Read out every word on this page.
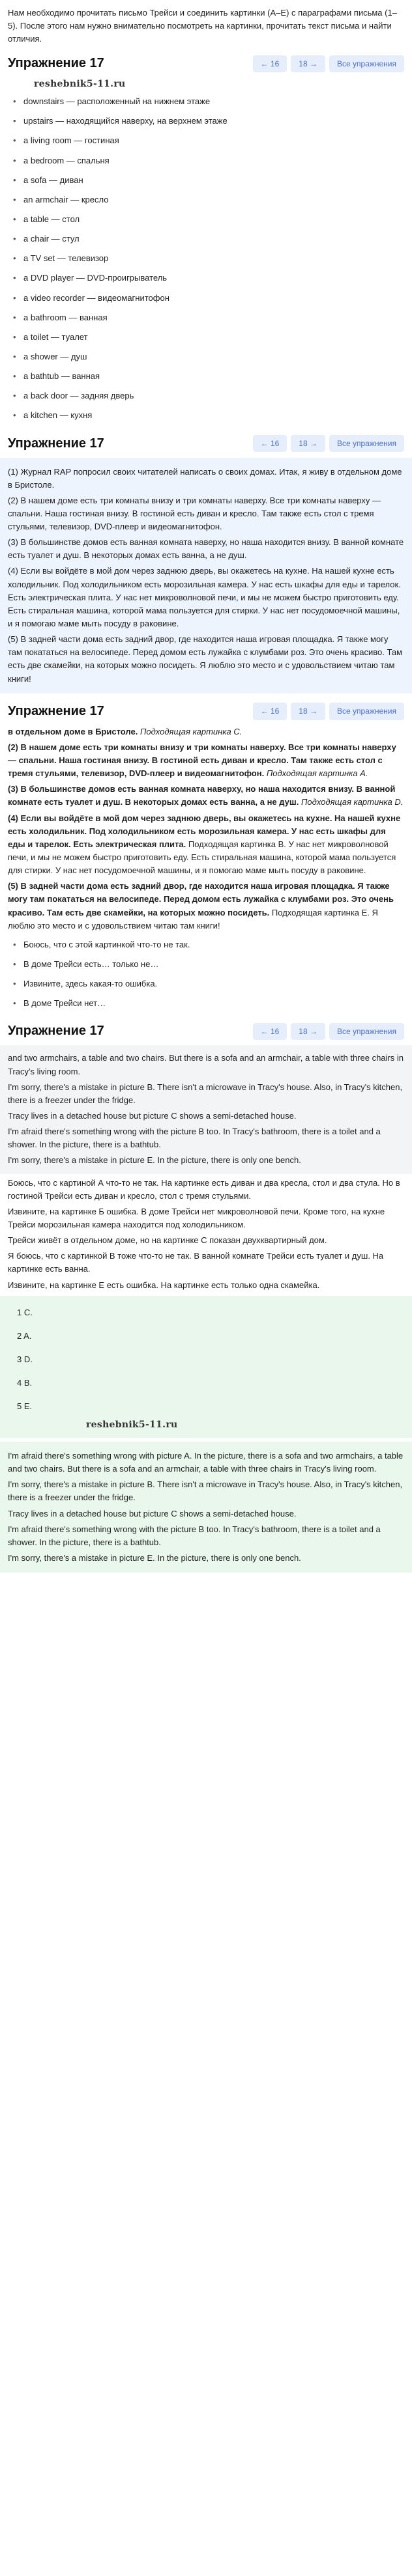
Нам необходимо прочитать письмо Трейси и соединить картинки (A–E) с параграфами письма (1–5). После этого нам нужно внимательно посмотреть на картинки, прочитать текст письма и найти отличия.

Упражнение 17	← 16	18 →	Все упражнения
reshebnik5-11.ru
• downstairs — расположенный на нижнем этаже
• upstairs — находящийся наверху, на верхнем этаже
• a living room — гостиная
• a bedroom — спальня
• a sofa — диван
• an armchair — кресло
• a table — стол
• a chair — стул
• a TV set — телевизор
• a DVD player — DVD-проигрыватель
• a video recorder — видеомагнитофон
• a bathroom — ванная
• a toilet — туалет
• a shower — душ
• a bathtub — ванная
• a back door — задняя дверь
• a kitchen — кухня
Упражнение 17	← 16	18 →	Все упражнения

(1) Журнал RAP попросил своих читателей написать о своих домах. Итак, я живу в отдельном доме в Бристоле.

(2) В нашем доме есть три комнаты внизу и три комнаты наверху. Все три комнаты наверху — спальни. Наша гостиная внизу. В гостиной есть диван и кресло. Там также есть стол с тремя стульями, телевизор, DVD-плеер и видеомагнитофон.

(3) В большинстве домов есть ванная комната наверху, но наша находится внизу. В ванной комнате есть туалет и душ. В некоторых домах есть ванна, а не душ.

(4) Если вы войдёте в мой дом через заднюю дверь, вы окажетесь на кухне. На нашей кухне есть холодильник. Под холодильником есть морозильная камера. У нас есть шкафы для еды и тарелок. Есть электрическая плита. У нас нет микроволновой печи, и мы не можем быстро приготовить еду. Есть стиральная машина, которой мама пользуется для стирки. У нас нет посудомоечной машины, и я помогаю маме мыть посуду в раковине.

(5) В задней части дома есть задний двор, где находится наша игровая площадка. Я также могу там покататься на велосипеде. Перед домом есть лужайка с клумбами роз. Это очень красиво. Там есть две скамейки, на которых можно посидеть. Я люблю это место и с удовольствием читаю там книги!

Упражнение 17	← 16	18 →	Все упражнения

в отдельном доме в Бристоле. Подходящая картинка C.

(2) В нашем доме есть три комнаты внизу и три комнаты наверху. Все три комнаты наверху — спальни. Наша гостиная внизу. В гостиной есть диван и кресло. Там также есть стол с тремя стульями, телевизор, DVD-плеер и видеомагнитофон. Подходящая картинка А.

(3) В большинстве домов есть ванная комната наверху, но наша находится внизу. В ванной комнате есть туалет и душ. В некоторых домах есть ванна, а не душ. Подходящая картинка D.

(4) Если вы войдёте в мой дом через заднюю дверь, вы окажетесь на кухне. На нашей кухне есть холодильник. Под холодильником есть морозильная камера. У нас есть шкафы для еды и тарелок. Есть электрическая плита. Подходящая картинка В. У нас нет микроволновой печи, и мы не можем быстро приготовить еду. Есть стиральная машина, которой мама пользуется для стирки. У нас нет посудомоечной машины, и я помогаю маме мыть посуду в раковине.

(5) В задней части дома есть задний двор, где находится наша игровая площадка. Я также могу там покататься на велосипеде. Перед домом есть лужайка с клумбами роз. Это очень красиво. Там есть две скамейки, на которых можно посидеть. Подходящая картинка Е. Я люблю это место и с удовольствием читаю там книги!

• Боюсь, что с этой картинкой что-то не так.
• В доме Трейси есть… только не…
• Извините, здесь какая-то ошибка.
• В доме Трейси нет…
Упражнение 17	← 16	18 →	Все упражнения

and two armchairs, a table and two chairs. But there is a sofa and an armchair, a table with three chairs in Tracy's living room.

I'm sorry, there's a mistake in picture B. There isn't a microwave in Tracy's house. Also, in Tracy's kitchen, there is a freezer under the fridge.

Tracy lives in a detached house but picture C shows a semi-detached house.

I'm afraid there's something wrong with the picture B too. In Tracy's bathroom, there is a toilet and a shower. In the picture, there is a bathtub.

I'm sorry, there's a mistake in picture E. In the picture, there is only one bench.

Боюсь, что с картиной А что-то не так. На картинке есть диван и два кресла, стол и два стула. Но в гостиной Трейси есть диван и кресло, стол с тремя стульями.

Извините, на картинке Б ошибка. В доме Трейси нет микроволновой печи. Кроме того, на кухне Трейси морозильная камера находится под холодильником.

Трейси живёт в отдельном доме, но на картинке С показан двухквартирный дом.

Я боюсь, что с картинкой B тоже что-то не так. В ванной комнате Трейси есть туалет и душ. На картинке есть ванна.

Извините, на картинке E есть ошибка. На картинке есть только одна скамейка.

1 C.
2 A.
3 D.
4 B.
5 E.
reshebnik5-11.ru

I'm afraid there's something wrong with picture A. In the picture, there is a sofa and two armchairs, a table and two chairs. But there is a sofa and an armchair, a table with three chairs in Tracy's living room.

I'm sorry, there's a mistake in picture B. There isn't a microwave in Tracy's house. Also, in Tracy's kitchen, there is a freezer under the fridge.

Tracy lives in a detached house but picture C shows a semi-detached house.

I'm afraid there's something wrong with the picture B too. In Tracy's bathroom, there is a toilet and a shower. In the picture, there is a bathtub.

I'm sorry, there's a mistake in picture E. In the picture, there is only one bench.
